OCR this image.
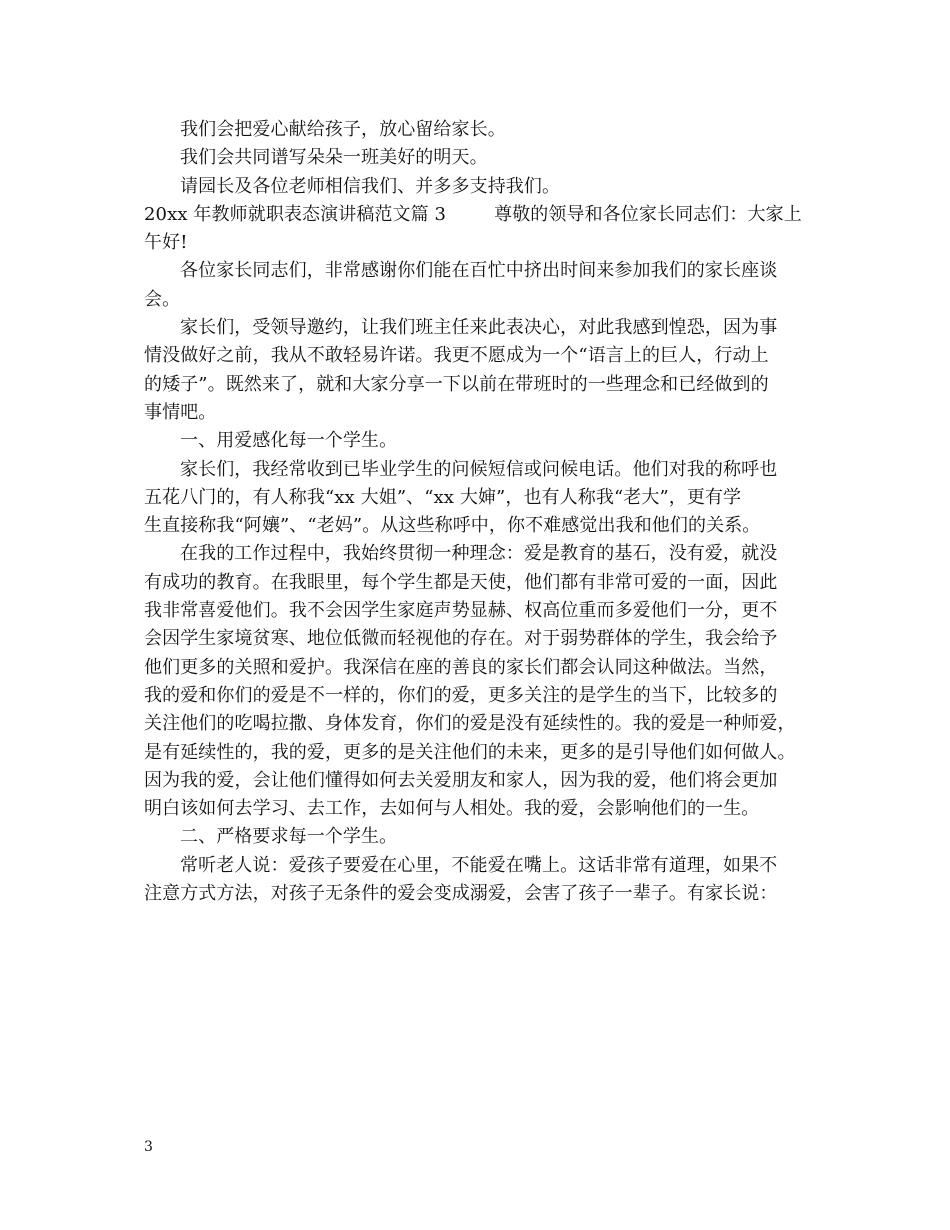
我们会把爱心献给孩子，放心留给家长。
我们会共同谱写朵朵一班美好的明天。
请园长及各位老师相信我们、并多多支持我们。
20xx 年教师就职表态演讲稿范文篇 3	尊敬的领导和各位家长同志们：大家上
午好!
各位家长同志们，非常感谢你们能在百忙中挤出时间来参加我们的家长座谈
会。
家长们，受领导邀约，让我们班主任来此表决心，对此我感到惶恐，因为事
情没做好之前，我从不敢轻易许诺。我更不愿成为一个“语言上的巨人，行动上
的矮子”。既然来了，就和大家分享一下以前在带班时的一些理念和已经做到的
事情吧。
一、用爱感化每一个学生。
家长们，我经常收到已毕业学生的问候短信或问候电话。他们对我的称呼也
五花八门的，有人称我“xx 大姐”、“xx 大婶”，也有人称我“老大”，更有学
生直接称我“阿孃”、“老妈”。从这些称呼中，你不难感觉出我和他们的关系。
在我的工作过程中，我始终贯彻一种理念：爱是教育的基石，没有爱，就没
有成功的教育。在我眼里，每个学生都是天使，他们都有非常可爱的一面，因此
我非常喜爱他们。我不会因学生家庭声势显赫、权高位重而多爱他们一分，更不
会因学生家境贫寒、地位低微而轻视他的存在。对于弱势群体的学生，我会给予
他们更多的关照和爱护。我深信在座的善良的家长们都会认同这种做法。当然，
我的爱和你们的爱是不一样的，你们的爱，更多关注的是学生的当下，比较多的
关注他们的吃喝拉撒、身体发育，你们的爱是没有延续性的。我的爱是一种师爱，
是有延续性的，我的爱，更多的是关注他们的未来，更多的是引导他们如何做人。
因为我的爱，会让他们懂得如何去关爱朋友和家人，因为我的爱，他们将会更加
明白该如何去学习、去工作，去如何与人相处。我的爱，会影响他们的一生。
二、严格要求每一个学生。
常听老人说：爱孩子要爱在心里，不能爱在嘴上。这话非常有道理，如果不
注意方式方法，对孩子无条件的爱会变成溺爱，会害了孩子一辈子。有家长说：
3
